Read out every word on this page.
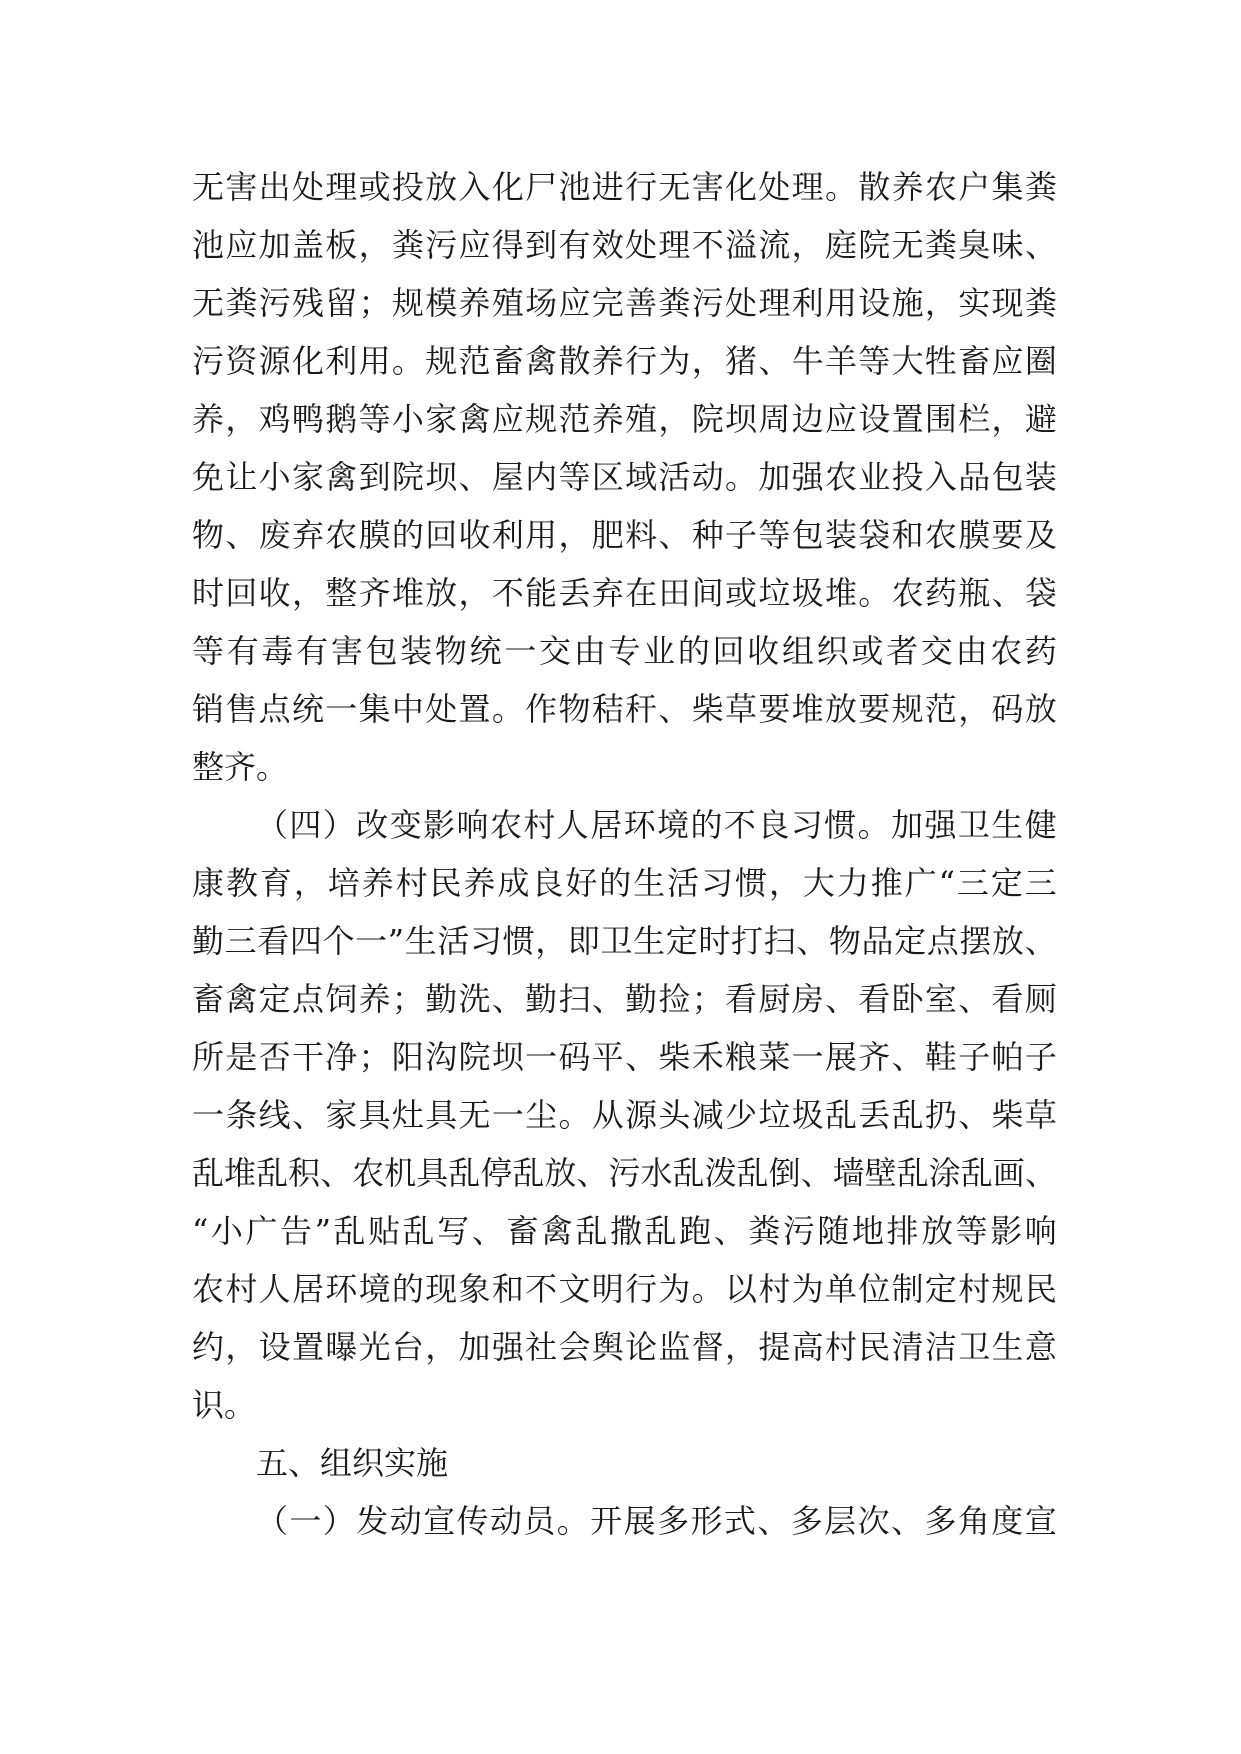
无 害 出 处 理 或 投 放 入 化 尸 池 进 行 无 害 化 处 理 。 散 养 农 户 集 粪
池 应 加 盖 板 ， 粪 污 应 得 到 有 效 处 理 不 溢 流 ， 庭 院 无 粪 臭 味 、
无 粪 污 残 留 ； 规 模 养 殖 场 应 完 善 粪 污 处 理 利 用 设 施 ， 实 现 粪
污 资 源 化 利 用 。 规 范 畜 禽 散 养 行 为 ， 猪 、 牛 羊 等 大 牲 畜 应 圈
养 ， 鸡 鸭 鹅 等 小 家 禽 应 规 范 养 殖 ， 院 坝 周 边 应 设 置 围 栏 ， 避
免 让 小 家 禽 到 院 坝 、 屋 内 等 区 域 活 动 。 加 强 农 业 投 入 品 包 装
物 、 废 弃 农 膜 的 回 收 利 用 ， 肥 料 、 种 子 等 包 装 袋 和 农 膜 要 及
时 回 收 ， 整 齐 堆 放 ， 不 能 丢 弃 在 田 间 或 垃 圾 堆 。 农 药 瓶 、 袋
等 有 毒 有 害 包 装 物 统 一 交 由 专 业 的 回 收 组 织 或 者 交 由 农 药
销 售 点 统 一 集 中 处 置 。 作 物 秸 秆 、 柴 草 要 堆 放 要 规 范 ， 码 放
整齐。
（ 四 ） 改 变 影 响 农 村 人 居 环 境 的 不 良 习 惯 。 加 强 卫 生 健
康 教 育 ， 培 养 村 民 养 成 良 好 的 生 活 习 惯 ， 大 力 推 广 “ 三 定 三
勤 三 看 四 个 一 ” 生 活 习 惯 ， 即 卫 生 定 时 打 扫 、 物 品 定 点 摆 放 、
畜 禽 定 点 饲 养 ； 勤 洗 、 勤 扫 、 勤 捡 ； 看 厨 房 、 看 卧 室 、 看 厕
所 是 否 干 净 ； 阳 沟 院 坝 一 码 平 、 柴 禾 粮 菜 一 展 齐 、 鞋 子 帕 子
一 条 线 、 家 具 灶 具 无 一 尘 。 从 源 头 减 少 垃 圾 乱 丢 乱 扔 、 柴 草
乱 堆 乱 积 、 农 机 具 乱 停 乱 放 、 污 水 乱 泼 乱 倒 、 墙 壁 乱 涂 乱 画 、
“ 小 广 告 ” 乱 贴 乱 写 、 畜 禽 乱 撒 乱 跑 、 粪 污 随 地 排 放 等 影 响
农 村 人 居 环 境 的 现 象 和 不 文 明 行 为 。 以 村 为 单 位 制 定 村 规 民
约 ， 设 置 曝 光 台 ， 加 强 社 会 舆 论 监 督 ， 提 高 村 民 清 洁 卫 生 意
识。
五、组织实施
（ 一 ） 发 动 宣 传 动 员 。 开 展 多 形 式 、 多 层 次 、 多 角 度 宣
